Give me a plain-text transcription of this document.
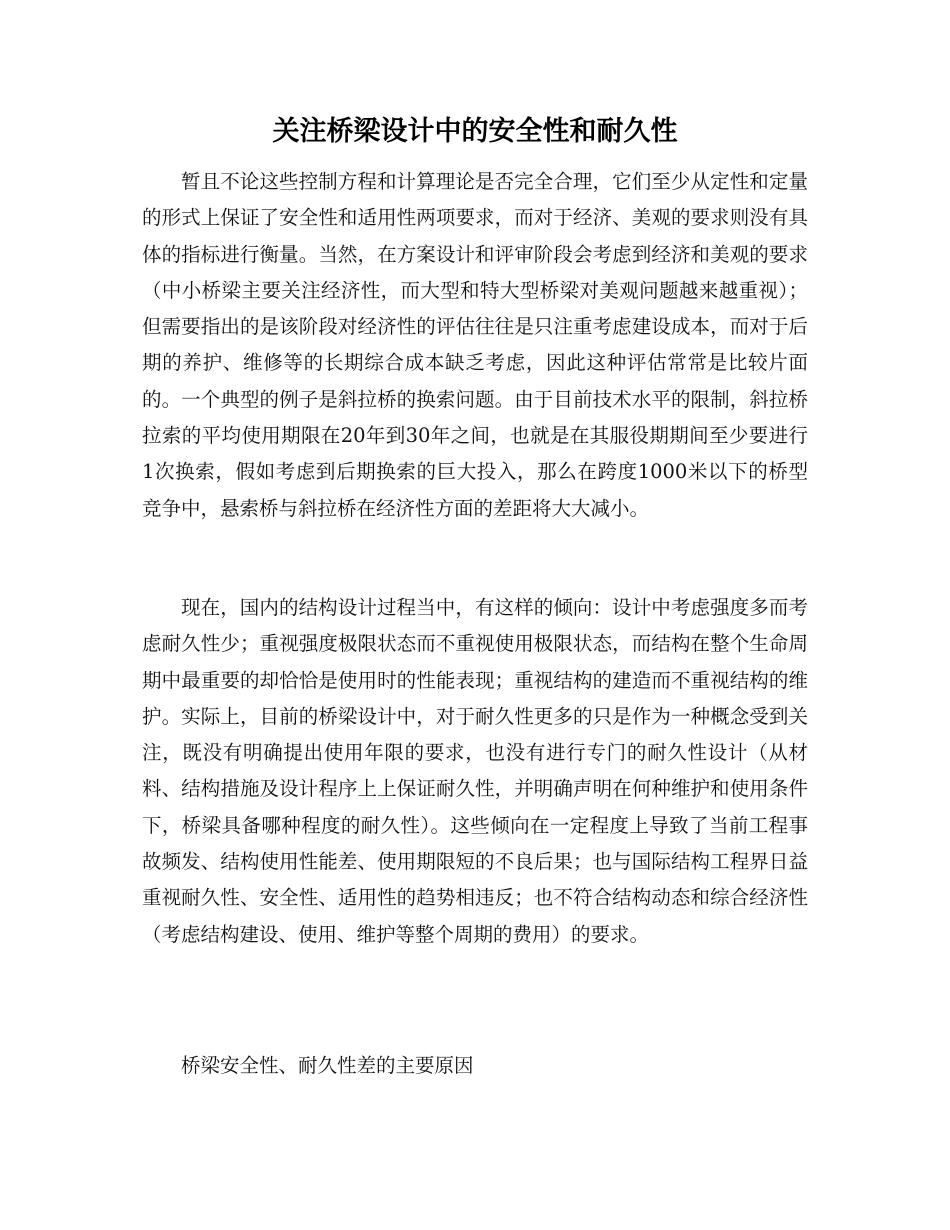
关注桥梁设计中的安全性和耐久性

暂且不论这些控制方程和计算理论是否完全合理，它们至少从定性和定量的形式上保证了安全性和适用性两项要求，而对于经济、美观的要求则没有具体的指标进行衡量。当然，在方案设计和评审阶段会考虑到经济和美观的要求（中小桥梁主要关注经济性，而大型和特大型桥梁对美观问题越来越重视）；但需要指出的是该阶段对经济性的评估往往是只注重考虑建设成本，而对于后期的养护、维修等的长期综合成本缺乏考虑，因此这种评估常常是比较片面的。一个典型的例子是斜拉桥的换索问题。由于目前技术水平的限制，斜拉桥拉索的平均使用期限在20年到30年之间，也就是在其服役期期间至少要进行1次换索，假如考虑到后期换索的巨大投入，那么在跨度1000米以下的桥型竞争中，悬索桥与斜拉桥在经济性方面的差距将大大减小。

现在，国内的结构设计过程当中，有这样的倾向：设计中考虑强度多而考虑耐久性少；重视强度极限状态而不重视使用极限状态，而结构在整个生命周期中最重要的却恰恰是使用时的性能表现；重视结构的建造而不重视结构的维护。实际上，目前的桥梁设计中，对于耐久性更多的只是作为一种概念受到关注，既没有明确提出使用年限的要求，也没有进行专门的耐久性设计（从材料、结构措施及设计程序上上保证耐久性，并明确声明在何种维护和使用条件下，桥梁具备哪种程度的耐久性）。这些倾向在一定程度上导致了当前工程事故频发、结构使用性能差、使用期限短的不良后果；也与国际结构工程界日益重视耐久性、安全性、适用性的趋势相违反；也不符合结构动态和综合经济性（考虑结构建设、使用、维护等整个周期的费用）的要求。

桥梁安全性、耐久性差的主要原因
